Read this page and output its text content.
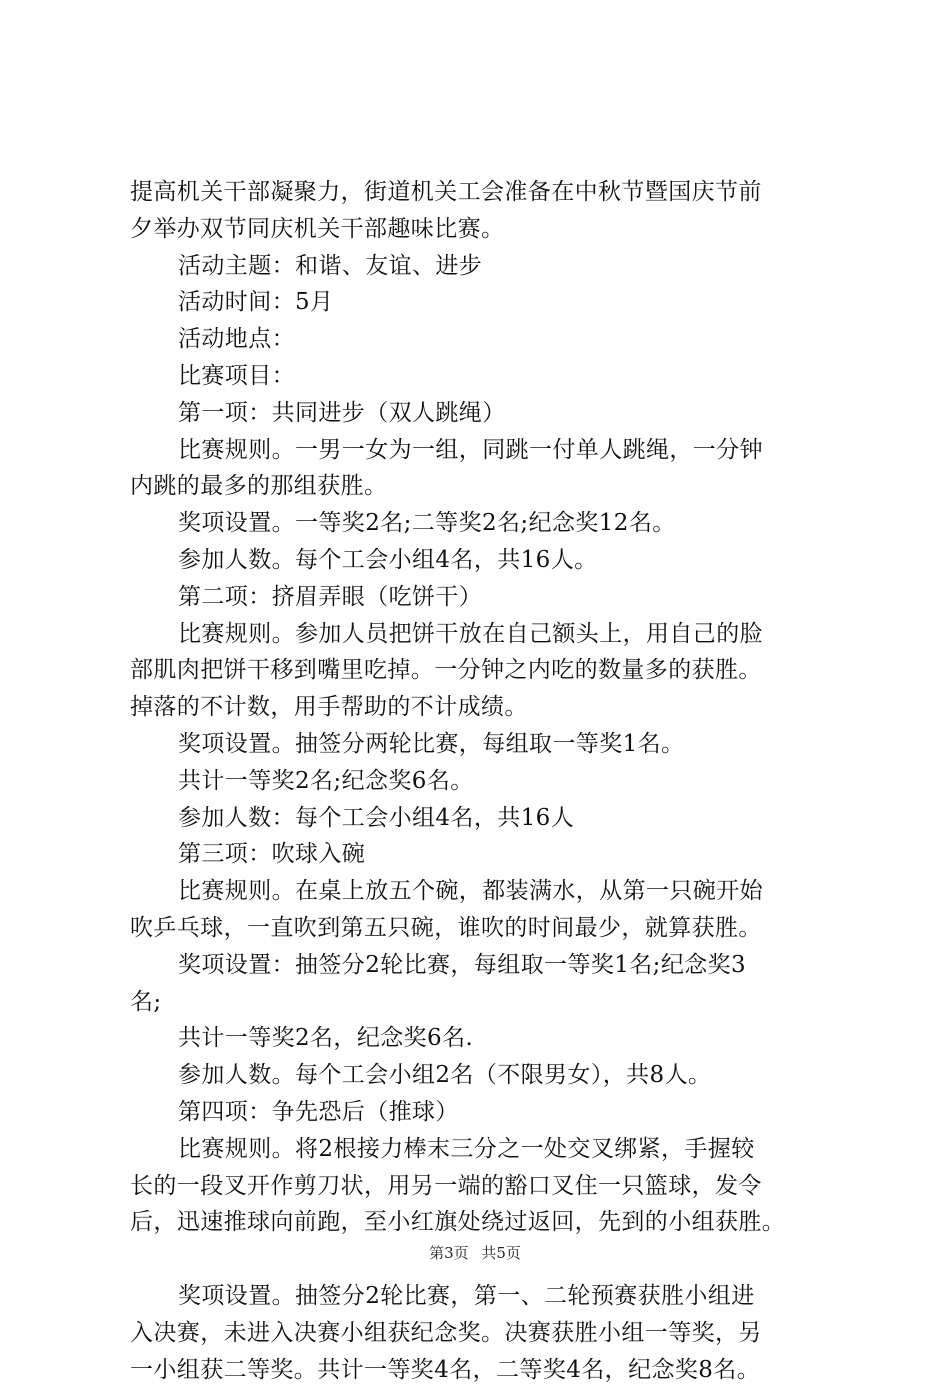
提高机关干部凝聚力，街道机关工会准备在中秋节暨国庆节前
夕举办双节同庆机关干部趣味比赛。
活动主题：和谐、友谊、进步
活动时间：5月
活动地点：
比赛项目：
第一项：共同进步（双人跳绳）
比赛规则。一男一女为一组，同跳一付单人跳绳，一分钟
内跳的最多的那组获胜。
奖项设置。一等奖2名;二等奖2名;纪念奖12名。
参加人数。每个工会小组4名，共16人。
第二项：挤眉弄眼（吃饼干）
比赛规则。参加人员把饼干放在自己额头上，用自己的脸
部肌肉把饼干移到嘴里吃掉。一分钟之内吃的数量多的获胜。
掉落的不计数，用手帮助的不计成绩。
奖项设置。抽签分两轮比赛，每组取一等奖1名。
共计一等奖2名;纪念奖6名。
参加人数：每个工会小组4名，共16人
第三项：吹球入碗
比赛规则。在桌上放五个碗，都装满水，从第一只碗开始
吹乒乓球，一直吹到第五只碗，谁吹的时间最少，就算获胜。
奖项设置：抽签分2轮比赛，每组取一等奖1名;纪念奖3
名;
共计一等奖2名，纪念奖6名.
参加人数。每个工会小组2名（不限男女），共8人。
第四项：争先恐后（推球）
比赛规则。将2根接力棒末三分之一处交叉绑紧，手握较
长的一段叉开作剪刀状，用另一端的豁口叉住一只篮球，发令
后，迅速推球向前跑，至小红旗处绕过返回，先到的小组获胜。
奖项设置。抽签分2轮比赛，第一、二轮预赛获胜小组进
入决赛，未进入决赛小组获纪念奖。决赛获胜小组一等奖，另
一小组获二等奖。共计一等奖4名，二等奖4名，纪念奖8名。
第3页 共5页
